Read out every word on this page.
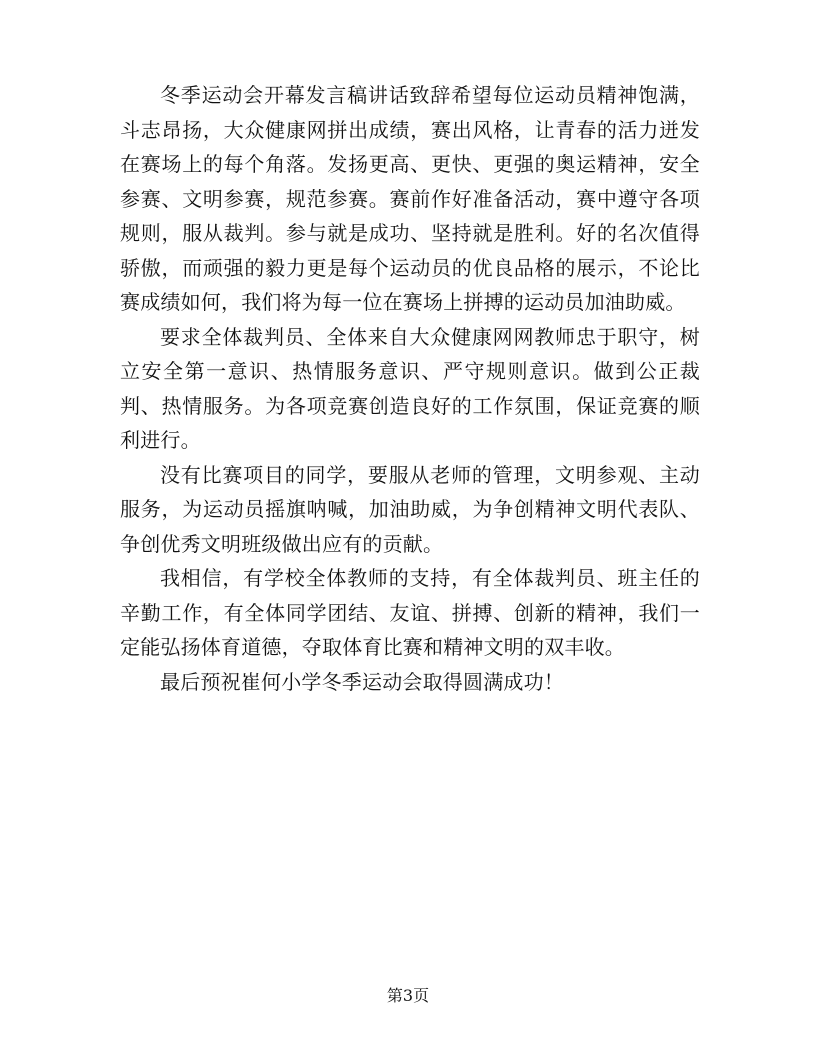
冬季运动会开幕发言稿讲话致辞希望每位运动员精神饱满，斗志昂扬，大众健康网拼出成绩，赛出风格，让青春的活力迸发在赛场上的每个角落。发扬更高、更快、更强的奥运精神，安全参赛、文明参赛，规范参赛。赛前作好准备活动，赛中遵守各项规则，服从裁判。参与就是成功、坚持就是胜利。好的名次值得骄傲，而顽强的毅力更是每个运动员的优良品格的展示，不论比赛成绩如何，我们将为每一位在赛场上拼搏的运动员加油助威。

要求全体裁判员、全体来自大众健康网网教师忠于职守，树立安全第一意识、热情服务意识、严守规则意识。做到公正裁判、热情服务。为各项竞赛创造良好的工作氛围，保证竞赛的顺利进行。

没有比赛项目的同学，要服从老师的管理，文明参观、主动服务，为运动员摇旗呐喊，加油助威，为争创精神文明代表队、争创优秀文明班级做出应有的贡献。

我相信，有学校全体教师的支持，有全体裁判员、班主任的辛勤工作，有全体同学团结、友谊、拼搏、创新的精神，我们一定能弘扬体育道德，夺取体育比赛和精神文明的双丰收。

最后预祝崔何小学冬季运动会取得圆满成功！

第3页
